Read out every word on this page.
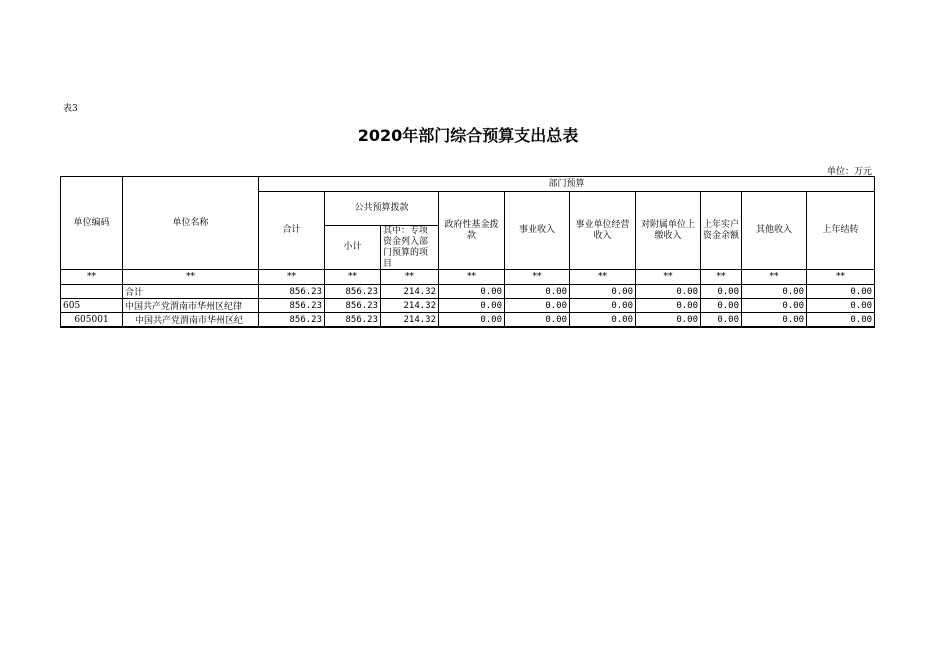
表3
2020年部门综合预算支出总表
单位：万元
单位编码	单位名称	部门预算									
		合计	公共预算拨款		政府性基金拨款	事业收入	事业单位经营收入	对附属单位上缴收入	上年实户资金余额	其他收入	上年结转
			小计	其中：专项资金列入部门预算的项目							

**	**	**	**	**	**	**	**	**	**	**	**
	合计	856.23	856.23	214.32	0.00	0.00	0.00	0.00	0.00	0.00	0.00
605	中国共产党渭南市华州区纪律	856.23	856.23	214.32	0.00	0.00	0.00	0.00	0.00	0.00	0.00
605001	中国共产党渭南市华州区纪	856.23	856.23	214.32	0.00	0.00	0.00	0.00	0.00	0.00	0.00
